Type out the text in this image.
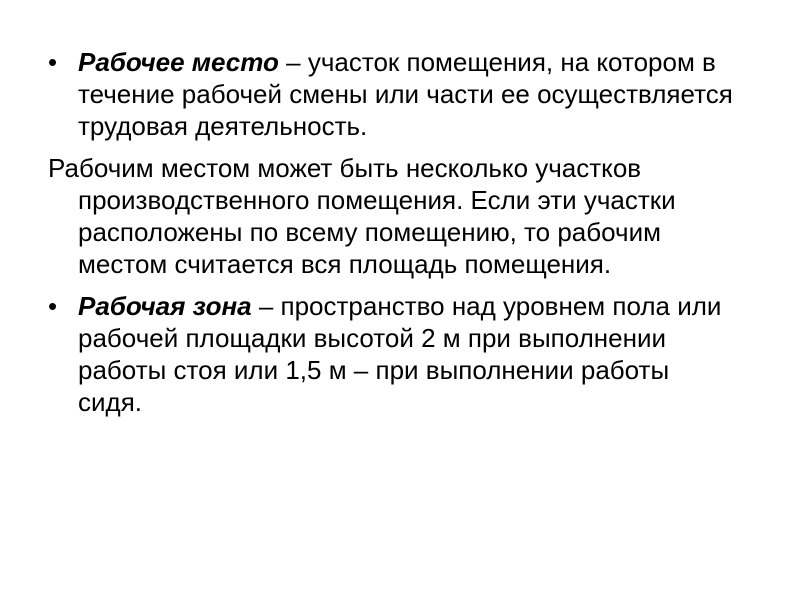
• Рабочее место – участок помещения, на котором в течение рабочей смены или части ее осуществляется трудовая деятельность.
Рабочим местом может быть несколько участков производственного помещения. Если эти участки расположены по всему помещению, то рабочим местом считается вся площадь помещения.
• Рабочая зона – пространство над уровнем пола или рабочей площадки высотой 2 м при выполнении работы стоя или 1,5 м – при выполнении работы сидя.
